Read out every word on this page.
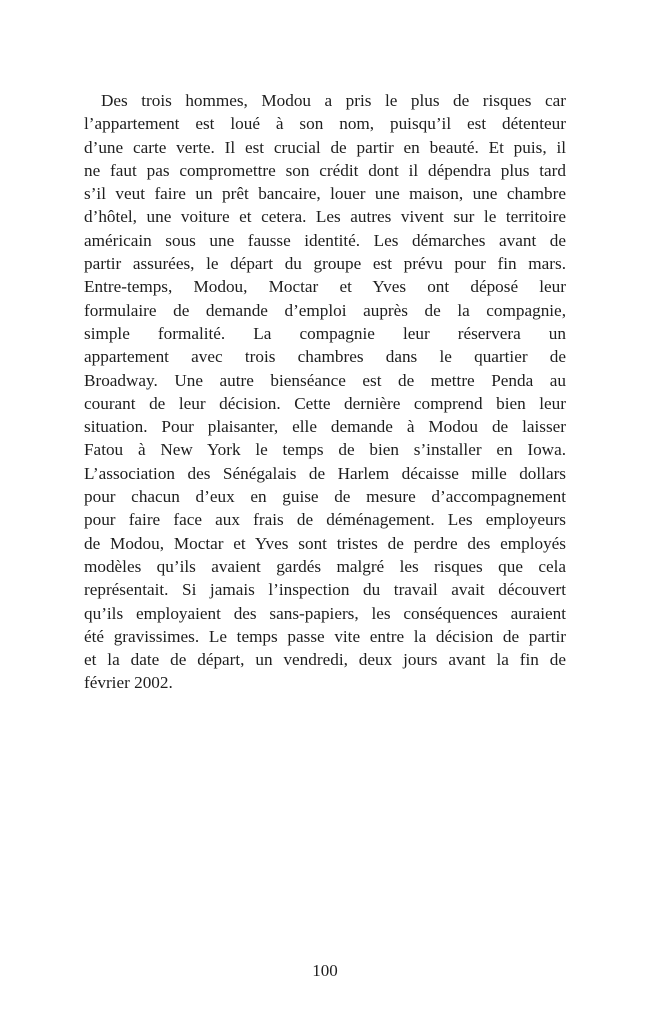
Des trois hommes, Modou a pris le plus de risques car
l’appartement est loué à son nom, puisqu’il est détenteur
d’une carte verte. Il est crucial de partir en beauté. Et puis, il
ne faut pas compromettre son crédit dont il dépendra plus tard
s’il veut faire un prêt bancaire, louer une maison, une chambre
d’hôtel, une voiture et cetera. Les autres vivent sur le territoire
américain sous une fausse identité. Les démarches avant de
partir assurées, le départ du groupe est prévu pour fin mars.
Entre-temps, Modou, Moctar et Yves ont déposé leur
formulaire de demande d’emploi auprès de la compagnie,
simple formalité. La compagnie leur réservera un
appartement avec trois chambres dans le quartier de
Broadway. Une autre bienséance est de mettre Penda au
courant de leur décision. Cette dernière comprend bien leur
situation. Pour plaisanter, elle demande à Modou de laisser
Fatou à New York le temps de bien s’installer en Iowa.
L’association des Sénégalais de Harlem décaisse mille dollars
pour chacun d’eux en guise de mesure d’accompagnement
pour faire face aux frais de déménagement. Les employeurs
de Modou, Moctar et Yves sont tristes de perdre des employés
modèles qu’ils avaient gardés malgré les risques que cela
représentait. Si jamais l’inspection du travail avait découvert
qu’ils employaient des sans-papiers, les conséquences auraient
été gravissimes. Le temps passe vite entre la décision de partir
et la date de départ, un vendredi, deux jours avant la fin de
février 2002.
100
